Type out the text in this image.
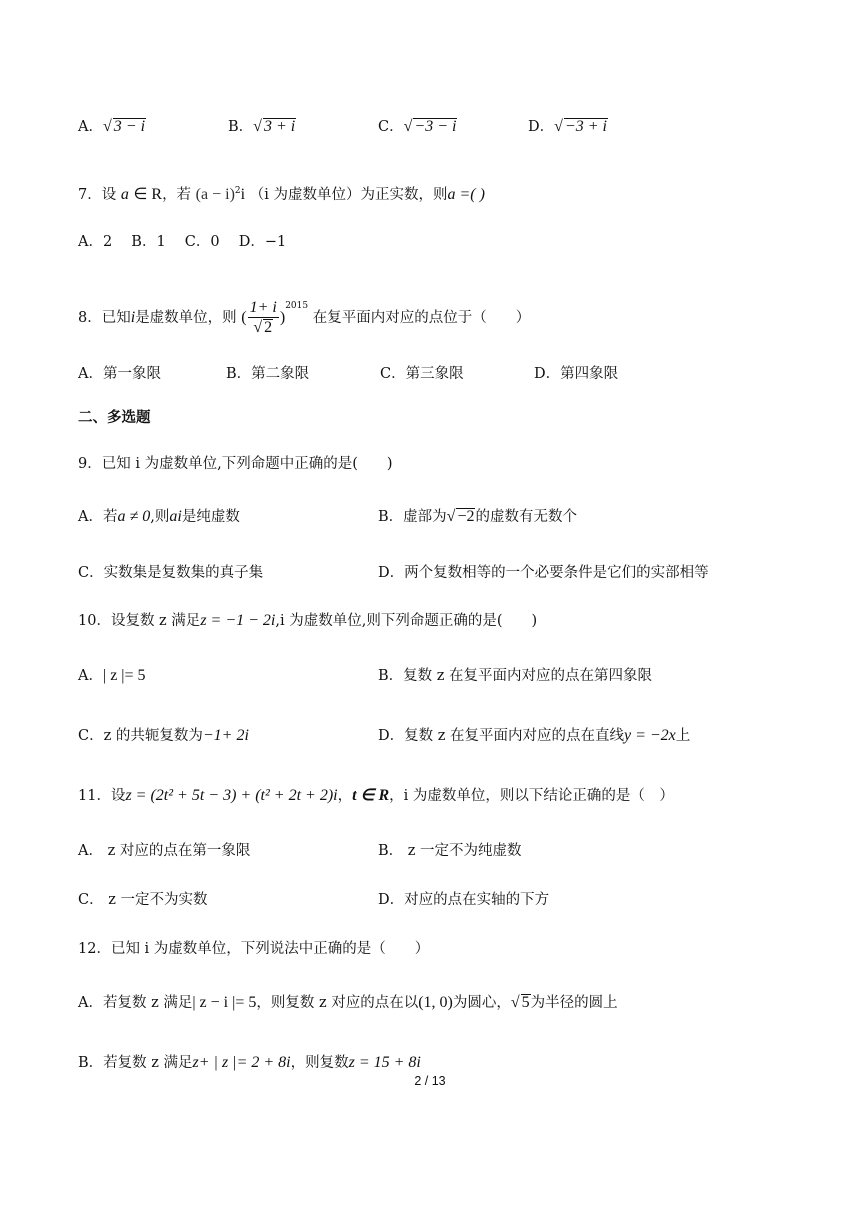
A．√ 3 − i	B．√ 3 + i	C．√ −3 − i	D．√ −3 + i
7．设 a ∈ R，若 $(a - i)^2i$ （i 为虚数单位）为正实数，则a =( )
A．2　 B．1　 C．0　 D．−1
8．已知i是虚数单位，则 ( $\frac{1+ i}{√ 2} )^{2015}$ 在复平面内对应的点位于（　　）
A．第一象限	B．第二象限	C．第三象限	D．第四象限
二、多选题
9．已知 i 为虚数单位,下列命题中正确的是(　　)
A．若a ≠ 0,则ai是纯虚数	B．虚部为√ −2的虚数有无数个
C．实数集是复数集的真子集	D．两个复数相等的一个必要条件是它们的实部相等
10．设复数 z 满足z = −1 − 2i,i 为虚数单位,则下列命题正确的是(　　)
A．| z |= 5	B．复数 z 在复平面内对应的点在第四象限
C．z 的共轭复数为−1+ 2i	D．复数 z 在复平面内对应的点在直线y = −2x上
11．设z = (2t² + 5t − 3) + (t² + 2t + 2)i，t ∈ R，i 为虚数单位，则以下结论正确的是（　）
A． z 对应的点在第一象限	B． z 一定不为纯虚数
C． z 一定不为实数	D．对应的点在实轴的下方
12．已知 i 为虚数单位，下列说法中正确的是（　　）
A．若复数 z 满足| z − i |= 5，则复数 z 对应的点在以(1, 0)为圆心，√ 5为半径的圆上
B．若复数 z 满足z+ | z |= 2 + 8i，则复数z = 15 + 8i
2 / 13
